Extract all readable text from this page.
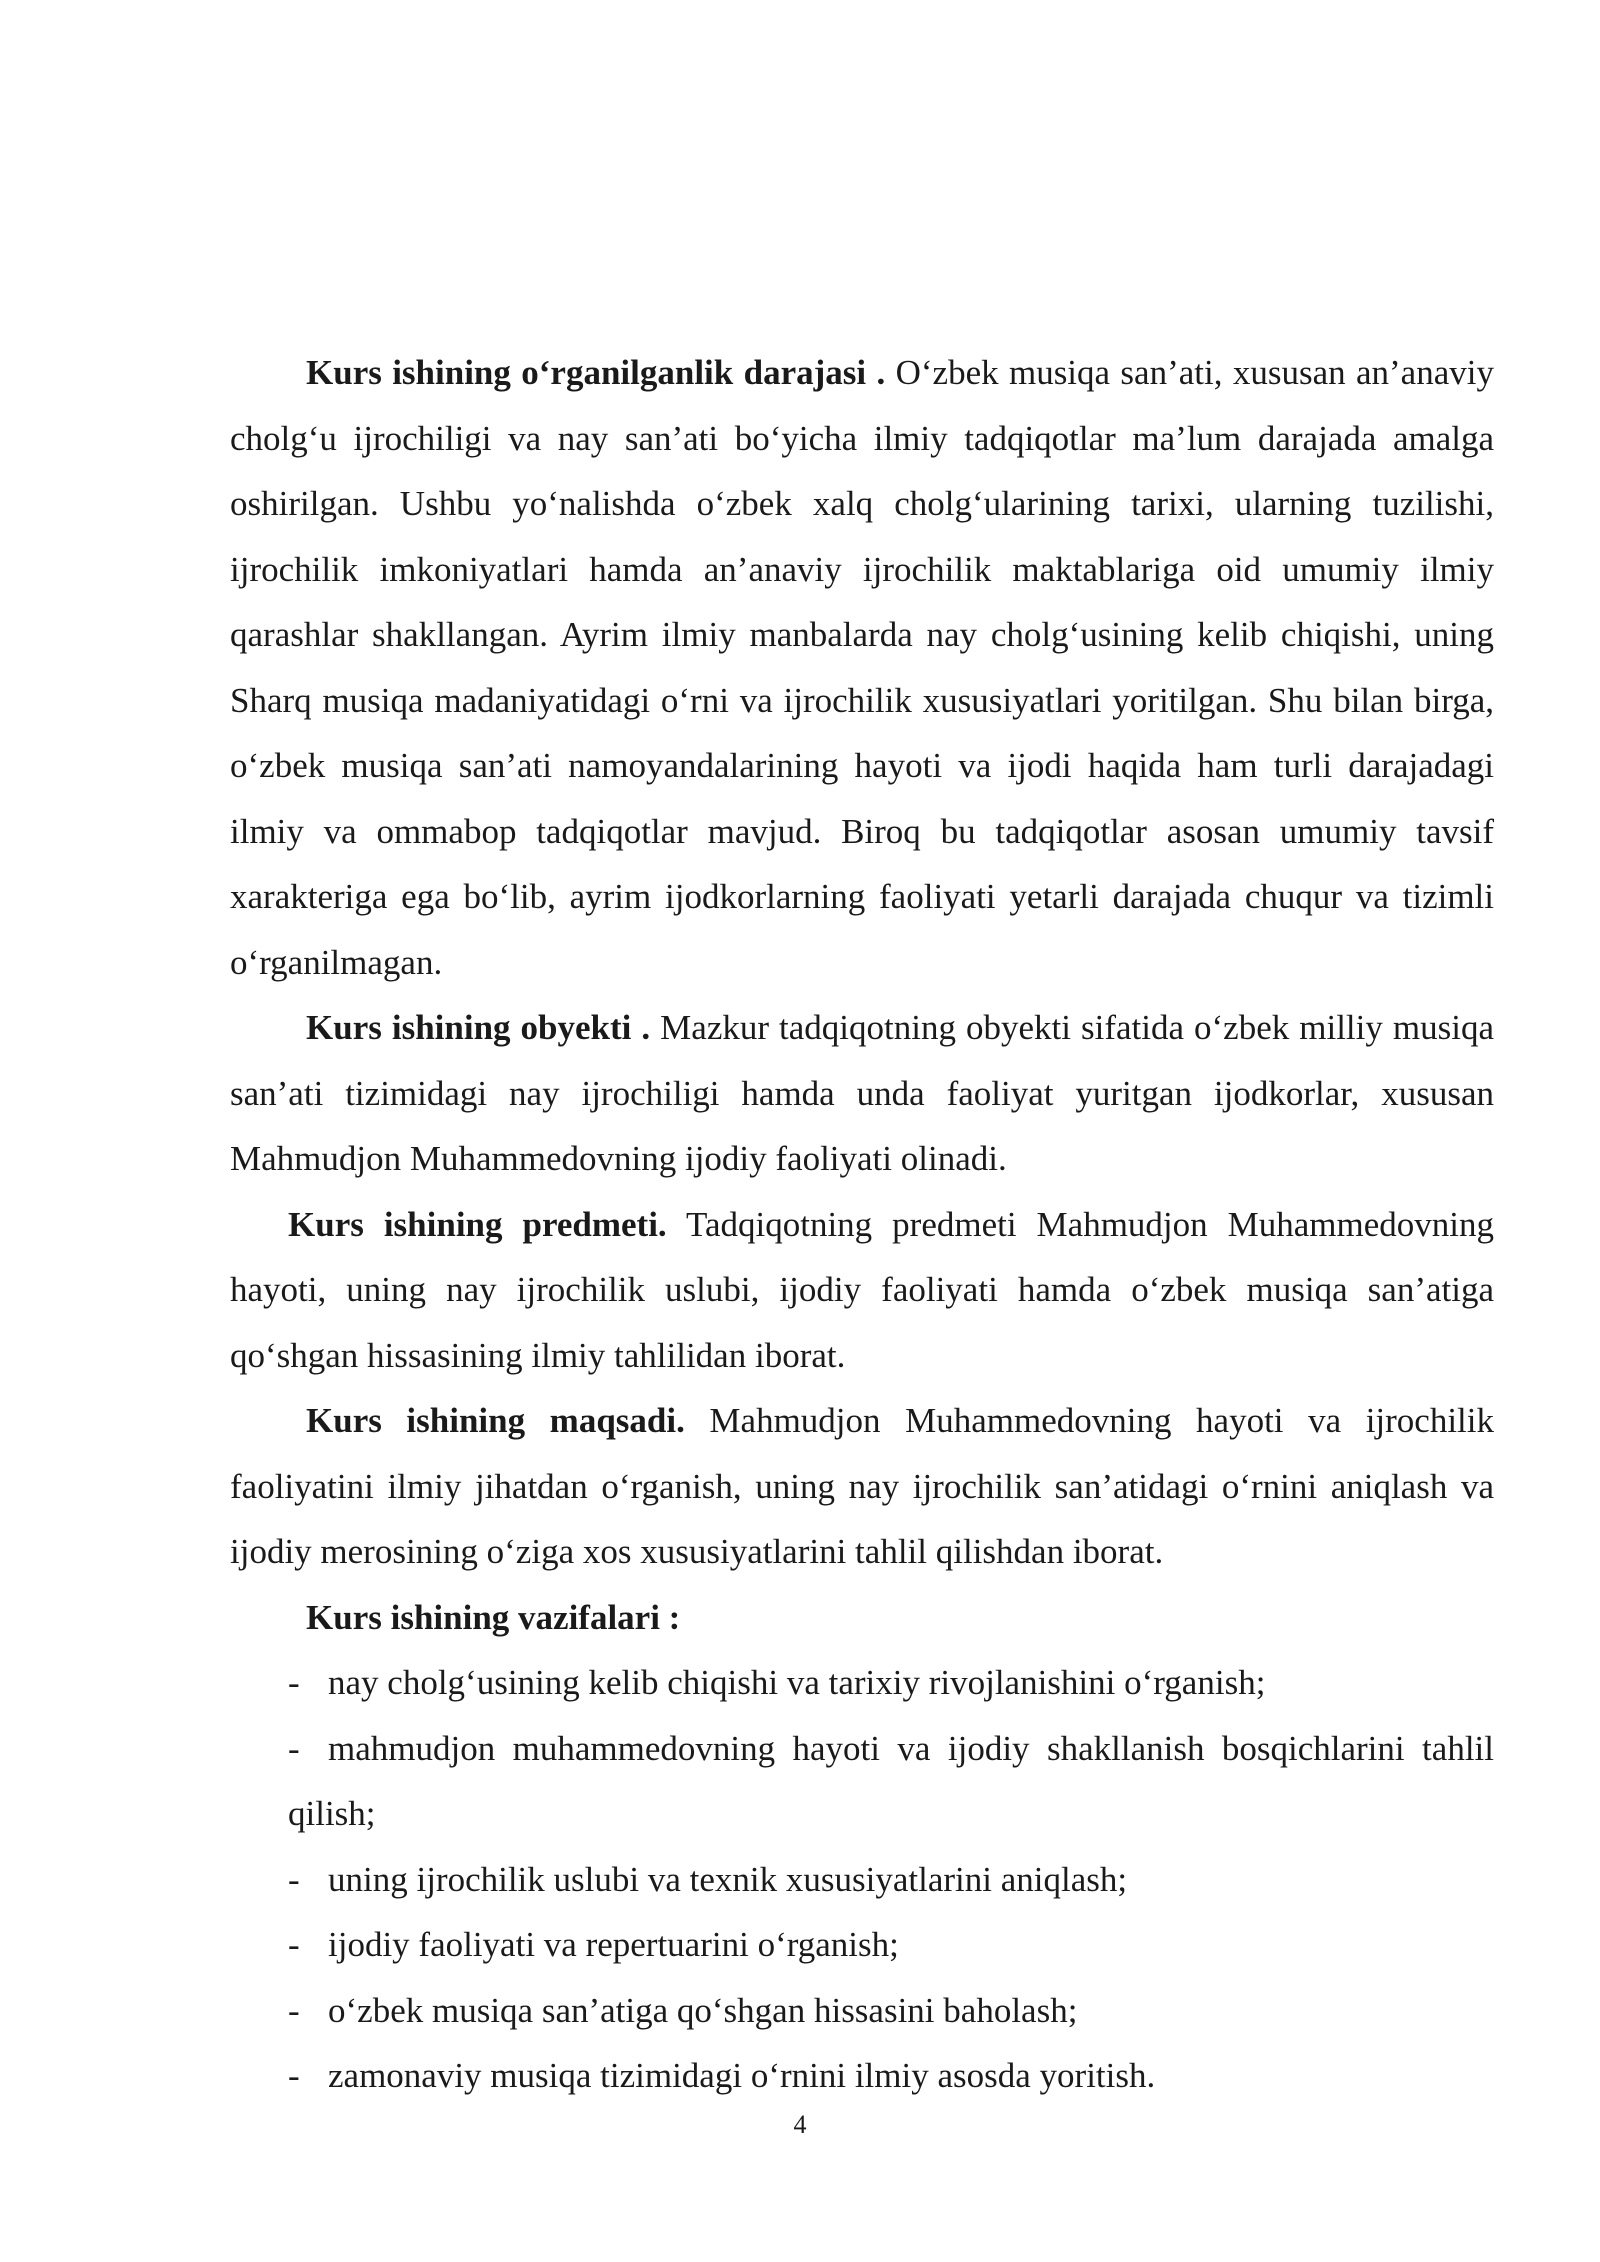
Kurs ishining o‘rganilganlik darajasi . O‘zbek musiqa san’ati, xususan an’anaviy cholg‘u ijrochiligi va nay san’ati bo‘yicha ilmiy tadqiqotlar ma’lum darajada amalga oshirilgan. Ushbu yo‘nalishda o‘zbek xalq cholg‘ularining tarixi, ularning tuzilishi, ijrochilik imkoniyatlari hamda an’anaviy ijrochilik maktablariga oid umumiy ilmiy qarashlar shakllangan. Ayrim ilmiy manbalarda nay cholg‘usining kelib chiqishi, uning Sharq musiqa madaniyatidagi o‘rni va ijrochilik xususiyatlari yoritilgan. Shu bilan birga, o‘zbek musiqa san’ati namoyandalarining hayoti va ijodi haqida ham turli darajadagi ilmiy va ommabop tadqiqotlar mavjud. Biroq bu tadqiqotlar asosan umumiy tavsif xarakteriga ega bo‘lib, ayrim ijodkorlarning faoliyati yetarli darajada chuqur va tizimli o‘rganilmagan.

Kurs ishining obyekti . Mazkur tadqiqotning obyekti sifatida o‘zbek milliy musiqa san’ati tizimidagi nay ijrochiligi hamda unda faoliyat yuritgan ijodkorlar, xususan Mahmudjon Muhammedovning ijodiy faoliyati olinadi.

Kurs ishining predmeti. Tadqiqotning predmeti Mahmudjon Muhammedovning hayoti, uning nay ijrochilik uslubi, ijodiy faoliyati hamda o‘zbek musiqa san’atiga qo‘shgan hissasining ilmiy tahlilidan iborat.

Kurs ishining maqsadi. Mahmudjon Muhammedovning hayoti va ijrochilik faoliyatini ilmiy jihatdan o‘rganish, uning nay ijrochilik san’atidagi o‘rnini aniqlash va ijodiy merosining o‘ziga xos xususiyatlarini tahlil qilishdan iborat.

Kurs ishining vazifalari :

- nay cholg‘usining kelib chiqishi va tarixiy rivojlanishini o‘rganish;
- mahmudjon muhammedovning hayoti va ijodiy shakllanish bosqichlarini tahlil qilish;
- uning ijrochilik uslubi va texnik xususiyatlarini aniqlash;
- ijodiy faoliyati va repertuarini o‘rganish;
- o‘zbek musiqa san’atiga qo‘shgan hissasini baholash;
- zamonaviy musiqa tizimidagi o‘rnini ilmiy asosda yoritish.
4
